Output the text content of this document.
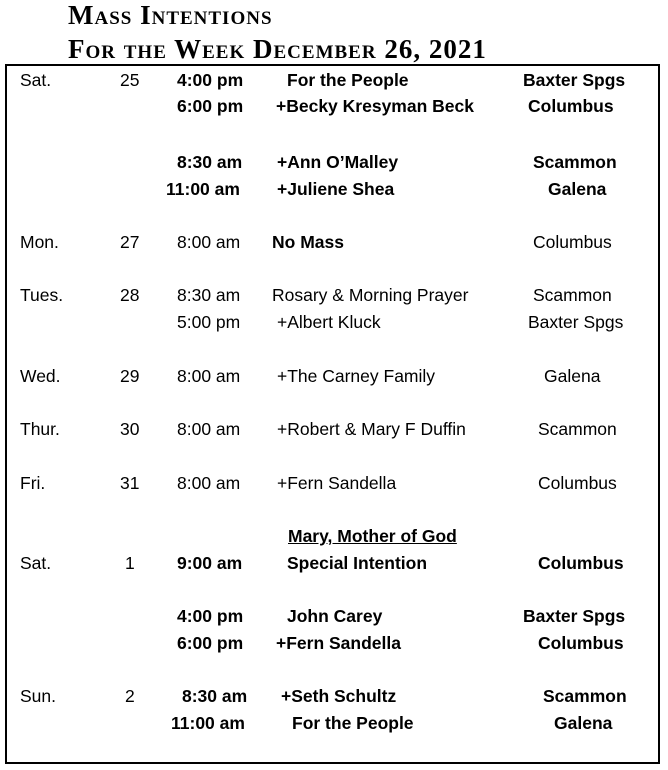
Mass Intentions
For the Week December 26, 2021
Sat.	25 4:00 pm	For the People	Baxter Spgs
6:00 pm +Becky Kresyman Beck	Columbus
8:30 am +Ann O’Malley	Scammon
11:00 am +Juliene Shea	Galena
Mon.	27 8:00 am No Mass	Columbus
Tues.	28 8:30 am Rosary & Morning Prayer	Scammon
5:00 pm +Albert Kluck	Baxter Spgs
Wed.	29 8:00 am +The Carney Family	Galena
Thur.	30 8:00 am +Robert & Mary F Duffin	Scammon
Fri.	31 8:00 am +Fern Sandella	Columbus
Mary, Mother of God
Sat.	1 9:00 am	Special Intention	Columbus
4:00 pm	John Carey	Baxter Spgs
6:00 pm +Fern Sandella	Columbus
Sun.	2	8:30 am +Seth Schultz	Scammon
11:00 am	For the People	Galena
